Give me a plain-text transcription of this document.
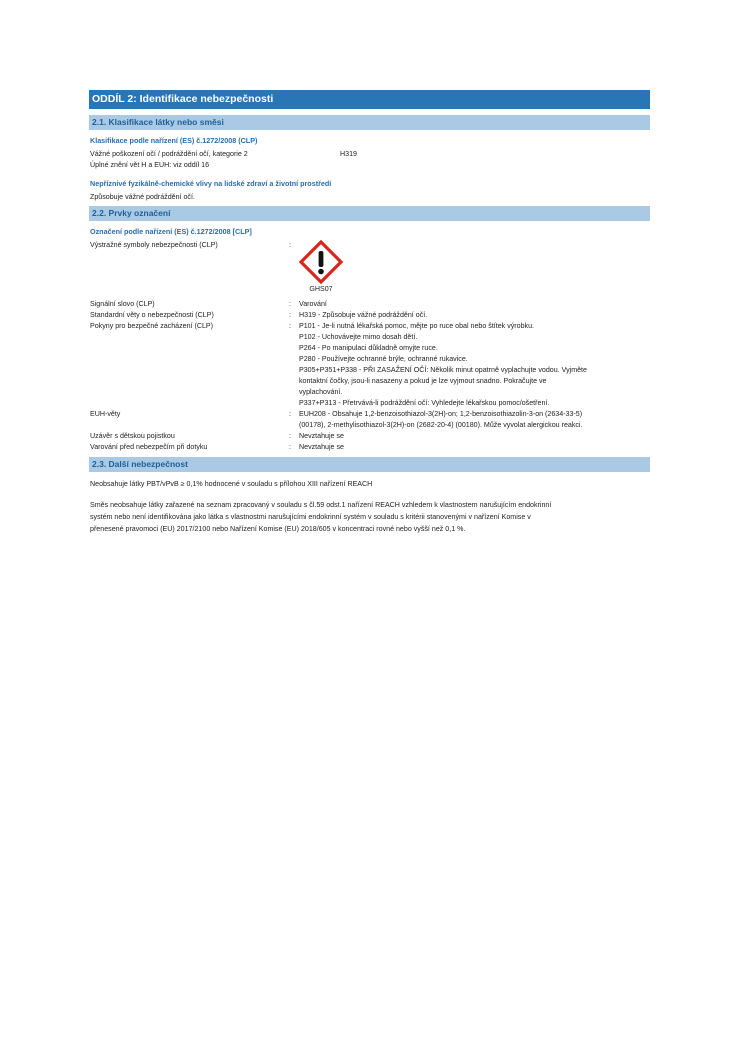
ODDÍL 2: Identifikace nebezpečnosti
2.1. Klasifikace látky nebo směsi
Klasifikace podle nařízení (ES) č.1272/2008 (CLP)
Vážné poškození očí / podráždění očí, kategorie 2	H319
Úplné znění vět H a EUH: viz oddíl 16
Nepříznivé fyzikálně-chemické vlivy na lidské zdraví a životní prostředí
Způsobuje vážné podráždění očí.
2.2. Prvky označení
Označení podle nařízení (ES) č.1272/2008 [CLP]
Výstražné symboly nebezpečnosti (CLP)	:
GHS07
Signální slovo (CLP)	:	Varování
Standardní věty o nebezpečnosti (CLP)	:	H319 - Způsobuje vážné podráždění očí.
Pokyny pro bezpečné zacházení (CLP)	:	P101 - Je-li nutná lékařská pomoc, mějte po ruce obal nebo štítek výrobku.
P102 - Uchovávejte mimo dosah dětí.
P264 - Po manipulaci důkladně omyjte ruce.
P280 - Používejte ochranné brýle, ochranné rukavice.
P305+P351+P338 - PŘI ZASAŽENÍ OČÍ: Několik minut opatrně vyplachujte vodou. Vyjměte
kontaktní čočky, jsou-li nasazeny a pokud je lze vyjmout snadno. Pokračujte ve
vyplachování.
P337+P313 - Přetrvává-li podráždění očí: Vyhledejte lékařskou pomoc/ošetření.
EUH-věty	:	EUH208 - Obsahuje 1,2-benzoisothiazol-3(2H)-on; 1,2-benzoisothiazolin-3-on (2634-33-5)
(00178), 2-methylisothiazol-3(2H)-on (2682-20-4) (00180). Může vyvolat alergickou reakci.
Uzávěr s dětskou pojistkou	:	Nevztahuje se
Varování před nebezpečím při dotyku	:	Nevztahuje se
2.3. Další nebezpečnost
Neobsahuje látky PBT/vPvB ≥ 0,1% hodnocené v souladu s přílohou XIII nařízení REACH
Směs neobsahuje látky zařazené na seznam zpracovaný v souladu s čl.59 odst.1 nařízení REACH vzhledem k vlastnostem narušujícím endokrinní
systém nebo není identifikována jako látka s vlastnostmi narušujícími endokrinní systém v souladu s kritérii stanovenými v nařízení Komise v
přenesené pravomoci (EU) 2017/2100 nebo Nařízení Komise (EU) 2018/605 v koncentraci rovné nebo vyšší než 0,1 %.
